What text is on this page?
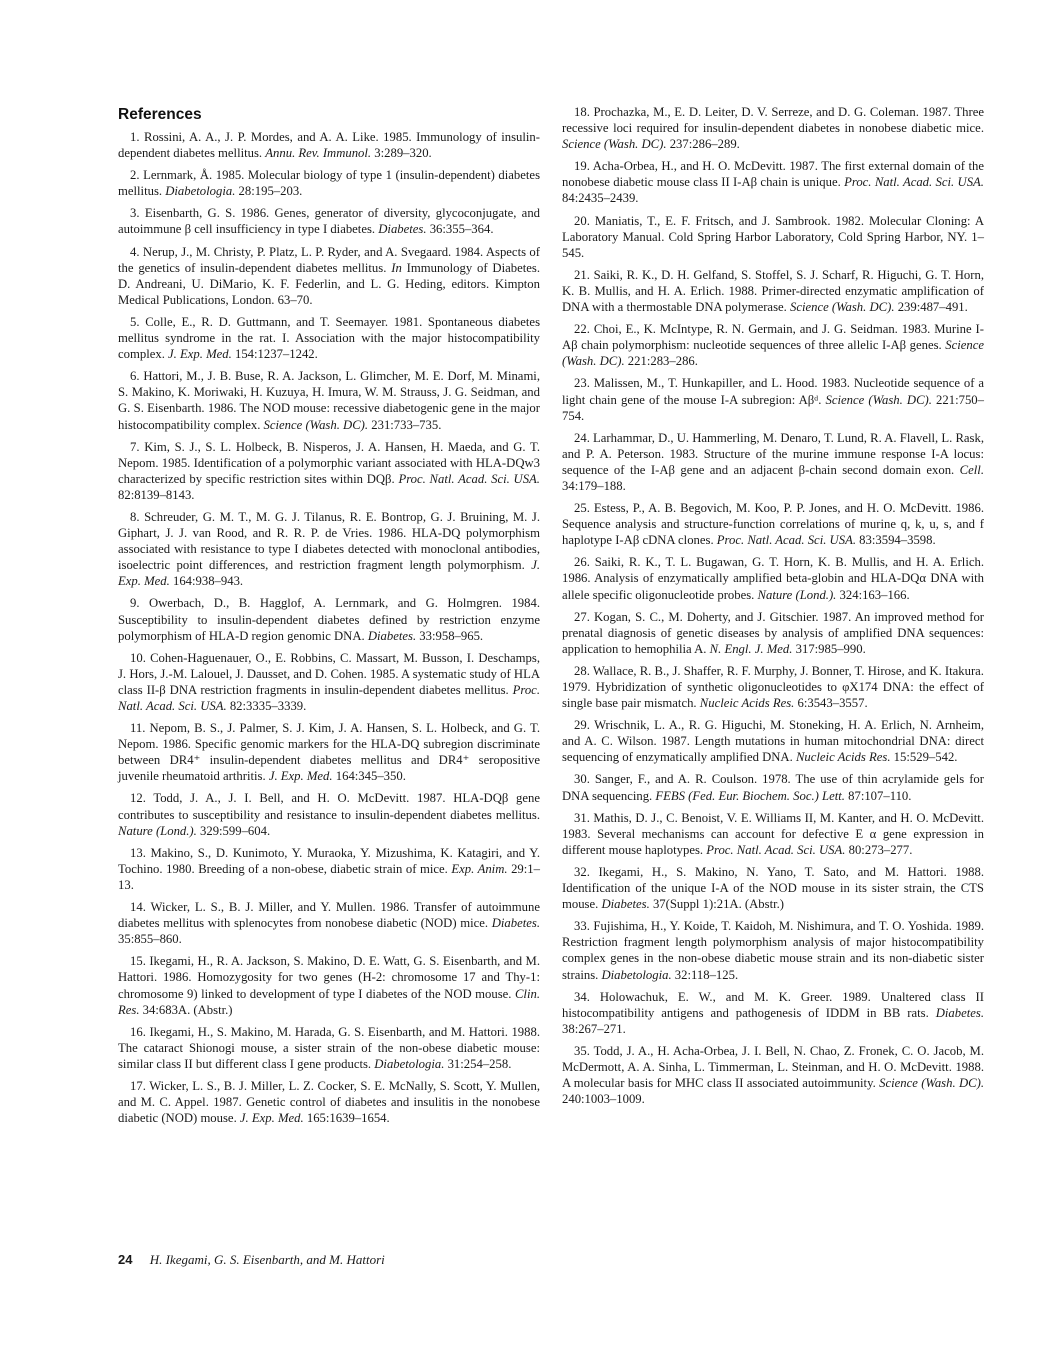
References

1. Rossini, A. A., J. P. Mordes, and A. A. Like. 1985. Immunology of insulin-dependent diabetes mellitus. Annu. Rev. Immunol. 3:289–320.

2. Lernmark, Å. 1985. Molecular biology of type 1 (insulin-dependent) diabetes mellitus. Diabetologia. 28:195–203.

3. Eisenbarth, G. S. 1986. Genes, generator of diversity, glycoconjugate, and autoimmune β cell insufficiency in type I diabetes. Diabetes. 36:355–364.

4. Nerup, J., M. Christy, P. Platz, L. P. Ryder, and A. Svegaard. 1984. Aspects of the genetics of insulin-dependent diabetes mellitus. In Immunology of Diabetes. D. Andreani, U. DiMario, K. F. Federlin, and L. G. Heding, editors. Kimpton Medical Publications, London. 63–70.

5. Colle, E., R. D. Guttmann, and T. Seemayer. 1981. Spontaneous diabetes mellitus syndrome in the rat. I. Association with the major histocompatibility complex. J. Exp. Med. 154:1237–1242.

6. Hattori, M., J. B. Buse, R. A. Jackson, L. Glimcher, M. E. Dorf, M. Minami, S. Makino, K. Moriwaki, H. Kuzuya, H. Imura, W. M. Strauss, J. G. Seidman, and G. S. Eisenbarth. 1986. The NOD mouse: recessive diabetogenic gene in the major histocompatibility complex. Science (Wash. DC). 231:733–735.

7. Kim, S. J., S. L. Holbeck, B. Nisperos, J. A. Hansen, H. Maeda, and G. T. Nepom. 1985. Identification of a polymorphic variant associated with HLA-DQw3 characterized by specific restriction sites within DQβ. Proc. Natl. Acad. Sci. USA. 82:8139–8143.

8. Schreuder, G. M. T., M. G. J. Tilanus, R. E. Bontrop, G. J. Bruining, M. J. Giphart, J. J. van Rood, and R. R. P. de Vries. 1986. HLA-DQ polymorphism associated with resistance to type I diabetes detected with monoclonal antibodies, isoelectric point differences, and restriction fragment length polymorphism. J. Exp. Med. 164:938–943.

9. Owerbach, D., B. Hagglof, A. Lernmark, and G. Holmgren. 1984. Susceptibility to insulin-dependent diabetes defined by restriction enzyme polymorphism of HLA-D region genomic DNA. Diabetes. 33:958–965.

10. Cohen-Haguenauer, O., E. Robbins, C. Massart, M. Busson, I. Deschamps, J. Hors, J.-M. Lalouel, J. Dausset, and D. Cohen. 1985. A systematic study of HLA class II-β DNA restriction fragments in insulin-dependent diabetes mellitus. Proc. Natl. Acad. Sci. USA. 82:3335–3339.

11. Nepom, B. S., J. Palmer, S. J. Kim, J. A. Hansen, S. L. Holbeck, and G. T. Nepom. 1986. Specific genomic markers for the HLA-DQ subregion discriminate between DR4⁺ insulin-dependent diabetes mellitus and DR4⁺ seropositive juvenile rheumatoid arthritis. J. Exp. Med. 164:345–350.

12. Todd, J. A., J. I. Bell, and H. O. McDevitt. 1987. HLA-DQβ gene contributes to susceptibility and resistance to insulin-dependent diabetes mellitus. Nature (Lond.). 329:599–604.

13. Makino, S., D. Kunimoto, Y. Muraoka, Y. Mizushima, K. Katagiri, and Y. Tochino. 1980. Breeding of a non-obese, diabetic strain of mice. Exp. Anim. 29:1–13.

14. Wicker, L. S., B. J. Miller, and Y. Mullen. 1986. Transfer of autoimmune diabetes mellitus with splenocytes from nonobese diabetic (NOD) mice. Diabetes. 35:855–860.

15. Ikegami, H., R. A. Jackson, S. Makino, D. E. Watt, G. S. Eisenbarth, and M. Hattori. 1986. Homozygosity for two genes (H-2: chromosome 17 and Thy-1: chromosome 9) linked to development of type I diabetes of the NOD mouse. Clin. Res. 34:683A. (Abstr.)

16. Ikegami, H., S. Makino, M. Harada, G. S. Eisenbarth, and M. Hattori. 1988. The cataract Shionogi mouse, a sister strain of the non-obese diabetic mouse: similar class II but different class I gene products. Diabetologia. 31:254–258.

17. Wicker, L. S., B. J. Miller, L. Z. Cocker, S. E. McNally, S. Scott, Y. Mullen, and M. C. Appel. 1987. Genetic control of diabetes and insulitis in the nonobese diabetic (NOD) mouse. J. Exp. Med. 165:1639–1654.

18. Prochazka, M., E. D. Leiter, D. V. Serreze, and D. G. Coleman. 1987. Three recessive loci required for insulin-dependent diabetes in nonobese diabetic mice. Science (Wash. DC). 237:286–289.

19. Acha-Orbea, H., and H. O. McDevitt. 1987. The first external domain of the nonobese diabetic mouse class II I-Aβ chain is unique. Proc. Natl. Acad. Sci. USA. 84:2435–2439.

20. Maniatis, T., E. F. Fritsch, and J. Sambrook. 1982. Molecular Cloning: A Laboratory Manual. Cold Spring Harbor Laboratory, Cold Spring Harbor, NY. 1–545.

21. Saiki, R. K., D. H. Gelfand, S. Stoffel, S. J. Scharf, R. Higuchi, G. T. Horn, K. B. Mullis, and H. A. Erlich. 1988. Primer-directed enzymatic amplification of DNA with a thermostable DNA polymerase. Science (Wash. DC). 239:487–491.

22. Choi, E., K. McIntype, R. N. Germain, and J. G. Seidman. 1983. Murine I-Aβ chain polymorphism: nucleotide sequences of three allelic I-Aβ genes. Science (Wash. DC). 221:283–286.

23. Malissen, M., T. Hunkapiller, and L. Hood. 1983. Nucleotide sequence of a light chain gene of the mouse I-A subregion: Aβᵈ. Science (Wash. DC). 221:750–754.

24. Larhammar, D., U. Hammerling, M. Denaro, T. Lund, R. A. Flavell, L. Rask, and P. A. Peterson. 1983. Structure of the murine immune response I-A locus: sequence of the I-Aβ gene and an adjacent β-chain second domain exon. Cell. 34:179–188.

25. Estess, P., A. B. Begovich, M. Koo, P. P. Jones, and H. O. McDevitt. 1986. Sequence analysis and structure-function correlations of murine q, k, u, s, and f haplotype I-Aβ cDNA clones. Proc. Natl. Acad. Sci. USA. 83:3594–3598.

26. Saiki, R. K., T. L. Bugawan, G. T. Horn, K. B. Mullis, and H. A. Erlich. 1986. Analysis of enzymatically amplified beta-globin and HLA-DQα DNA with allele specific oligonucleotide probes. Nature (Lond.). 324:163–166.

27. Kogan, S. C., M. Doherty, and J. Gitschier. 1987. An improved method for prenatal diagnosis of genetic diseases by analysis of amplified DNA sequences: application to hemophilia A. N. Engl. J. Med. 317:985–990.

28. Wallace, R. B., J. Shaffer, R. F. Murphy, J. Bonner, T. Hirose, and K. Itakura. 1979. Hybridization of synthetic oligonucleotides to φX174 DNA: the effect of single base pair mismatch. Nucleic Acids Res. 6:3543–3557.

29. Wrischnik, L. A., R. G. Higuchi, M. Stoneking, H. A. Erlich, N. Arnheim, and A. C. Wilson. 1987. Length mutations in human mitochondrial DNA: direct sequencing of enzymatically amplified DNA. Nucleic Acids Res. 15:529–542.

30. Sanger, F., and A. R. Coulson. 1978. The use of thin acrylamide gels for DNA sequencing. FEBS (Fed. Eur. Biochem. Soc.) Lett. 87:107–110.

31. Mathis, D. J., C. Benoist, V. E. Williams II, M. Kanter, and H. O. McDevitt. 1983. Several mechanisms can account for defective E α gene expression in different mouse haplotypes. Proc. Natl. Acad. Sci. USA. 80:273–277.

32. Ikegami, H., S. Makino, N. Yano, T. Sato, and M. Hattori. 1988. Identification of the unique I-A of the NOD mouse in its sister strain, the CTS mouse. Diabetes. 37(Suppl 1):21A. (Abstr.)

33. Fujishima, H., Y. Koide, T. Kaidoh, M. Nishimura, and T. O. Yoshida. 1989. Restriction fragment length polymorphism analysis of major histocompatibility complex genes in the non-obese diabetic mouse strain and its non-diabetic sister strains. Diabetologia. 32:118–125.

34. Holowachuk, E. W., and M. K. Greer. 1989. Unaltered class II histocompatibility antigens and pathogenesis of IDDM in BB rats. Diabetes. 38:267–271.

35. Todd, J. A., H. Acha-Orbea, J. I. Bell, N. Chao, Z. Fronek, C. O. Jacob, M. McDermott, A. A. Sinha, L. Timmerman, L. Steinman, and H. O. McDevitt. 1988. A molecular basis for MHC class II associated autoimmunity. Science (Wash. DC). 240:1003–1009.

24 H. Ikegami, G. S. Eisenbarth, and M. Hattori
